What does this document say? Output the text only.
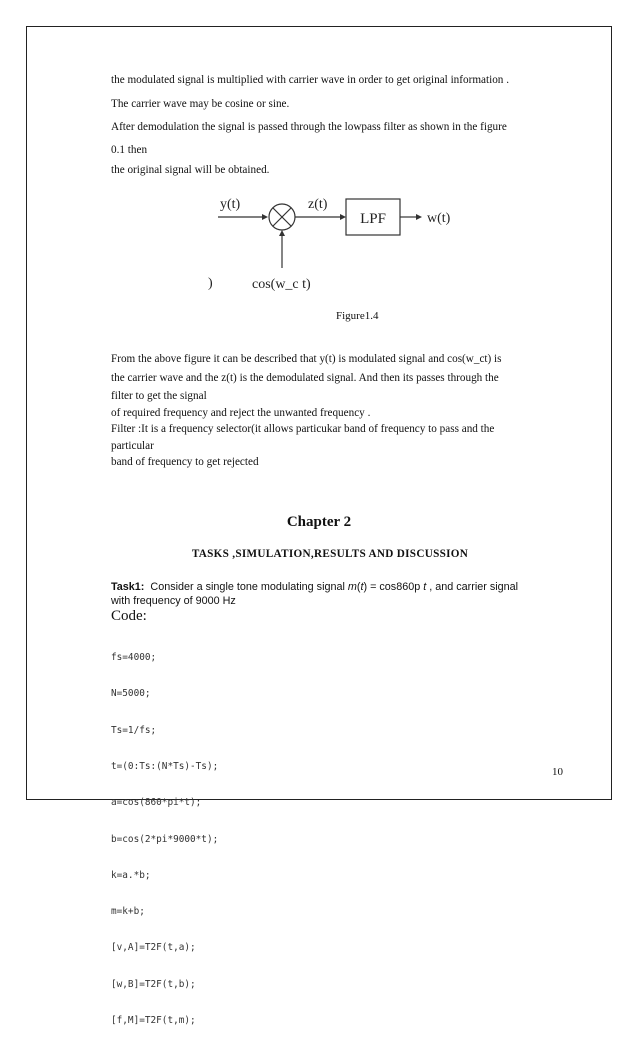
the modulated signal is multiplied with carrier wave in order to get original information .
The carrier wave may be cosine or sine.
After demodulation the signal is passed through the lowpass filter as shown in the figure
0.1 then
the original signal will be obtained.
y(t)	z(t)
w(t)
cos(w_c t)
)
LPF
Figure1.4
From the above figure it can be described that y(t) is modulated signal and cos(w_ct) is
the carrier wave and the z(t) is the demodulated signal. And then its passes through the
filter to get the signal
of required frequency and reject the unwanted frequency .
Filter :It is a frequency selector(it allows particukar band of frequency to pass and the
particular
band of frequency to get rejected
Chapter 2
TASKS ,SIMULATION,RESULTS AND DISCUSSION
Task1:  Consider a single tone modulating signal m(t) = cos860p t , and carrier signal
with frequency of 9000 Hz
Code:

fs=4000;

N=5000;

Ts=1/fs;

t=(0:Ts:(N*Ts)-Ts);

a=cos(860*pi*t);

b=cos(2*pi*9000*t);

k=a.*b;

m=k+b;

[v,A]=T2F(t,a);

[w,B]=T2F(t,b);

[f,M]=T2F(t,m);

10
